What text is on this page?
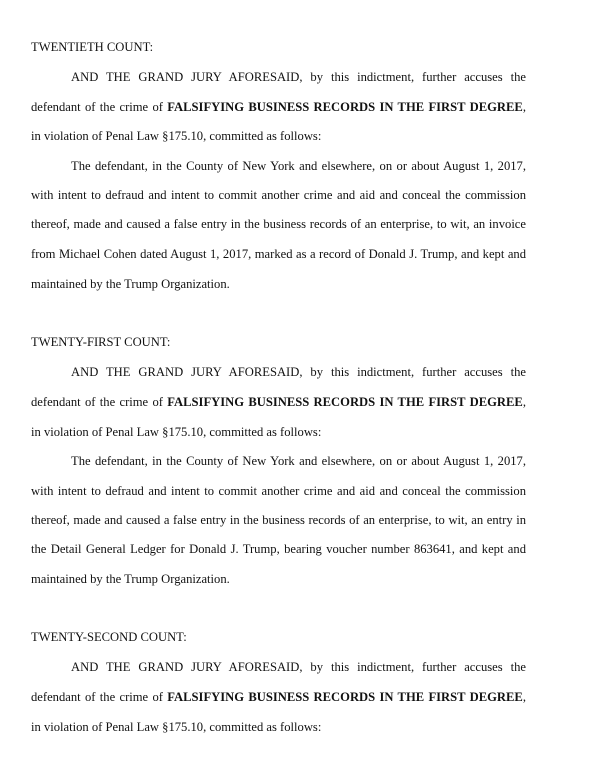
TWENTIETH COUNT:
AND THE GRAND JURY AFORESAID, by this indictment, further accuses the
defendant of the crime of FALSIFYING BUSINESS RECORDS IN THE FIRST DEGREE,
in violation of Penal Law §175.10, committed as follows:
The defendant, in the County of New York and elsewhere, on or about August 1, 2017,
with intent to defraud and intent to commit another crime and aid and conceal the commission
thereof, made and caused a false entry in the business records of an enterprise, to wit, an invoice
from Michael Cohen dated August 1, 2017, marked as a record of Donald J. Trump, and kept and
maintained by the Trump Organization.
TWENTY-FIRST COUNT:
AND THE GRAND JURY AFORESAID, by this indictment, further accuses the
defendant of the crime of FALSIFYING BUSINESS RECORDS IN THE FIRST DEGREE,
in violation of Penal Law §175.10, committed as follows:
The defendant, in the County of New York and elsewhere, on or about August 1, 2017,
with intent to defraud and intent to commit another crime and aid and conceal the commission
thereof, made and caused a false entry in the business records of an enterprise, to wit, an entry in
the Detail General Ledger for Donald J. Trump, bearing voucher number 863641, and kept and
maintained by the Trump Organization.
TWENTY-SECOND COUNT:
AND THE GRAND JURY AFORESAID, by this indictment, further accuses the
defendant of the crime of FALSIFYING BUSINESS RECORDS IN THE FIRST DEGREE,
in violation of Penal Law §175.10, committed as follows:
